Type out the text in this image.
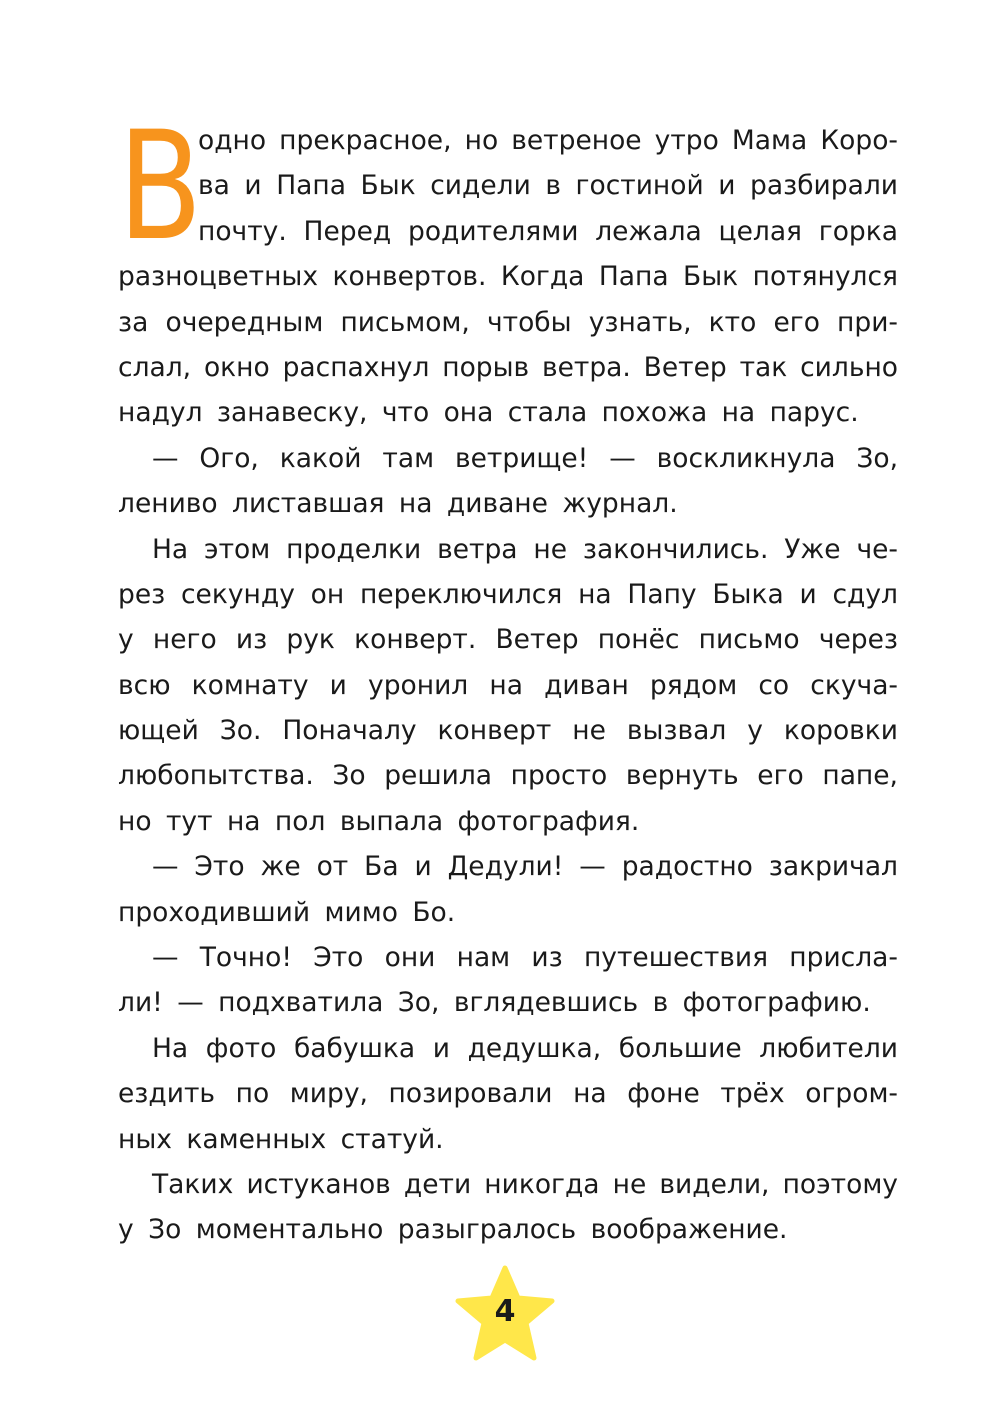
В
одно прекрасное, но ветреное утро Мама Коро-
ва и Папа Бык сидели в гостиной и разбирали
почту. Перед родителями лежала целая горка
разноцветных конвертов. Когда Папа Бык потянулся
за очередным письмом, чтобы узнать, кто его при-
слал, окно распахнул порыв ветра. Ветер так сильно
надул занавеску, что она стала похожа на парус.
— Ого, какой там ветрище! — воскликнула Зо,
лениво листавшая на диване журнал.
На этом проделки ветра не закончились. Уже че-
рез секунду он переключился на Папу Быка и сдул
у него из рук конверт. Ветер понёс письмо через
всю комнату и уронил на диван рядом со скуча-
ющей Зо. Поначалу конверт не вызвал у коровки
любопытства. Зо решила просто вернуть его папе,
но тут на пол выпала фотография.
— Это же от Ба и Дедули! — радостно закричал
проходивший мимо Бо.
— Точно! Это они нам из путешествия присла-
ли! — подхватила Зо, вглядевшись в фотографию.
На фото бабушка и дедушка, большие любители
ездить по миру, позировали на фоне трёх огром-
ных каменных статуй.
Таких истуканов дети никогда не видели, поэтому
у Зо моментально разыгралось воображение.
4
